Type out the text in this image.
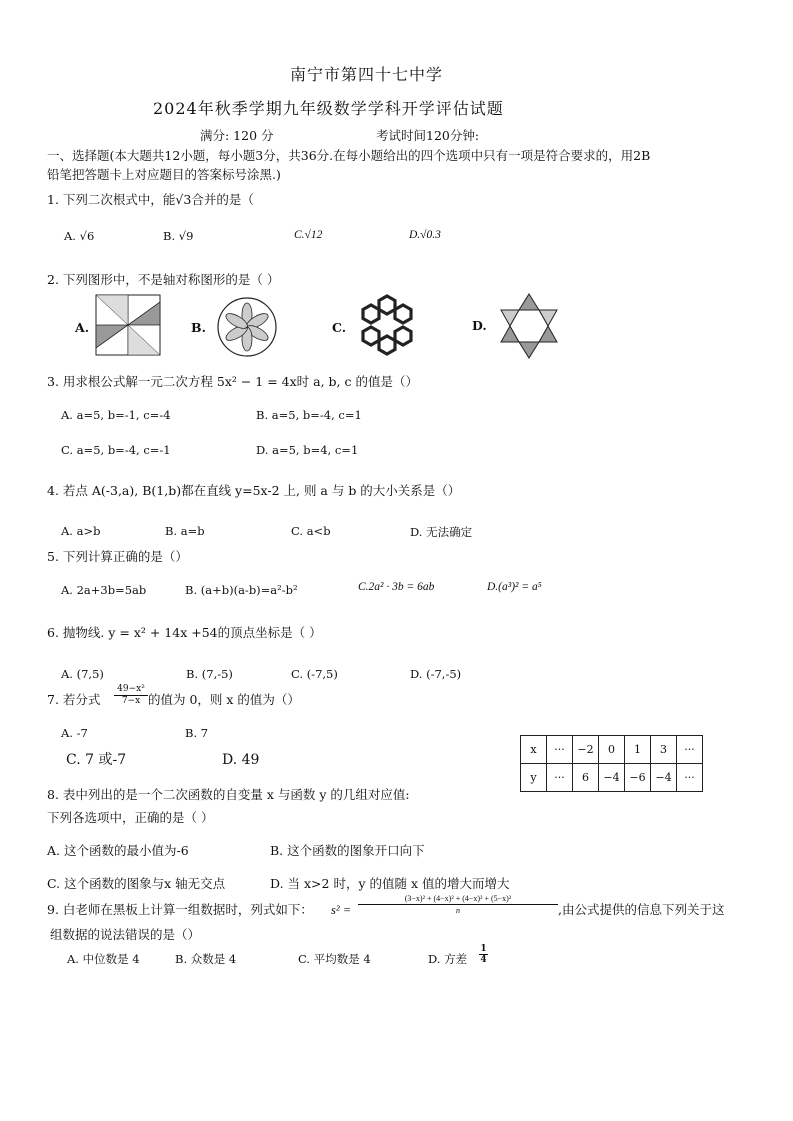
南宁市第四十七中学
2024年秋季学期九年级数学学科开学评估试题
满分: 120 分	考试时间120分钟:
一、选择题(本大题共12小题，每小题3分，共36分.在每小题给出的四个选项中只有一项是符合要求的，用2B
铅笔把答题卡上对应题目的答案标号涂黑.)
1. 下列二次根式中，能√3合并的是（
A. √6	B. √9	C.√12	D.√0.3
2. 下列图形中，不是轴对称图形的是（ ）
A.	B.	C.	D.
3. 用求根公式解一元二次方程 5x² − 1 = 4x时 a, b, c 的值是（）
A. a=5, b=-1, c=-4	B. a=5, b=-4, c=1
C. a=5, b=-4, c=-1	D. a=5, b=4, c=1
4. 若点 A(-3,a), B(1,b)都在直线 y=5x-2 上, 则 a 与 b 的大小关系是（）
A. a>b	B. a=b	C. a<b	D. 无法确定
5. 下列计算正确的是（）
A. 2a+3b=5ab	B. (a+b)(a-b)=a²-b²	C.2a² · 3b = 6ab	D.(a³)² = a⁵
6. 抛物线. y = x² + 14x +54的顶点坐标是（ ）
A. (7,5)	B. (7,-5)	C. (-7,5)	D. (-7,-5)
7. 若分式 $\frac{\text{49−x²}}{7-x}$ 的值为 0，则 x 的值为（）
A. -7	B. 7
C. 7 或-7	D. 49
x	···	−2	0	1	3	···
y	···	6	−4	−6	−4	···
8. 表中列出的是一个二次函数的自变量 x 与函数 y 的几组对应值:
下列各选项中，正确的是（ ）
A. 这个函数的最小值为-6	B. 这个函数的图象开口向下
C. 这个函数的图象与x 轴无交点	D. 当 x>2 时，y 的值随 x 值的增大而增大
9. 白老师在黑板上计算一组数据时，列式如下： $s^2 = \frac{\text{(3−x)² + (4−x)² + (4−x)² + (5−x)²}}{n}$ ,由公式提供的信息下列关于这
组数据的说法错误的是（）
A. 中位数是 4	B. 众数是 4	C. 平均数是 4	D. 方差 $\frac{1}{4}$
